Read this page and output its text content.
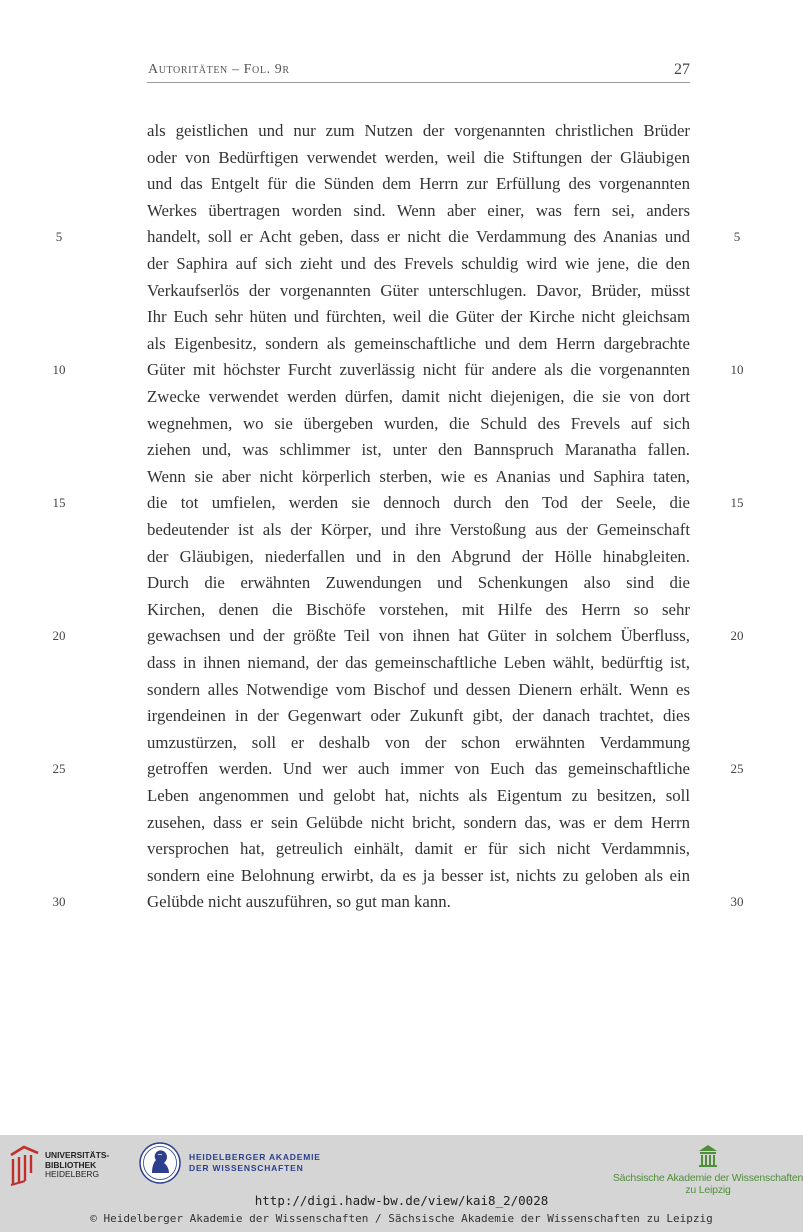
Autoritäten – Fol. 9r	27
als geistlichen und nur zum Nutzen der vorgenannten christlichen Brüder
oder von Bedürftigen verwendet werden, weil die Stiftungen der Gläubigen
und das Entgelt für die Sünden dem Herrn zur Erfüllung des vorgenannten
Werkes übertragen worden sind. Wenn aber einer, was fern sei, anders
handelt, soll er Acht geben, dass er nicht die Verdammung des Ananias und
der Saphira auf sich zieht und des Frevels schuldig wird wie jene, die den
Verkaufserlös der vorgenannten Güter unterschlugen. Davor, Brüder, müsst
Ihr Euch sehr hüten und fürchten, weil die Güter der Kirche nicht gleichsam
als Eigenbesitz, sondern als gemeinschaftliche und dem Herrn dargebrachte
Güter mit höchster Furcht zuverlässig nicht für andere als die vorgenannten
Zwecke verwendet werden dürfen, damit nicht diejenigen, die sie von dort
wegnehmen, wo sie übergeben wurden, die Schuld des Frevels auf sich
ziehen und, was schlimmer ist, unter den Bannspruch Maranatha fallen.
Wenn sie aber nicht körperlich sterben, wie es Ananias und Saphira taten,
die tot umfielen, werden sie dennoch durch den Tod der Seele, die
bedeutender ist als der Körper, und ihre Verstoßung aus der Gemeinschaft
der Gläubigen, niederfallen und in den Abgrund der Hölle hinabgleiten.
Durch die erwähnten Zuwendungen und Schenkungen also sind die
Kirchen, denen die Bischöfe vorstehen, mit Hilfe des Herrn so sehr
gewachsen und der größte Teil von ihnen hat Güter in solchem Überfluss,
dass in ihnen niemand, der das gemeinschaftliche Leben wählt, bedürftig ist,
sondern alles Notwendige vom Bischof und dessen Dienern erhält. Wenn es
irgendeinen in der Gegenwart oder Zukunft gibt, der danach trachtet, dies
umzustürzen, soll er deshalb von der schon erwähnten Verdammung
getroffen werden. Und wer auch immer von Euch das gemeinschaftliche
Leben angenommen und gelobt hat, nichts als Eigentum zu besitzen, soll
zusehen, dass er sein Gelübde nicht bricht, sondern das, was er dem Herrn
versprochen hat, getreulich einhält, damit er für sich nicht Verdammnis,
sondern eine Belohnung erwirbt, da es ja besser ist, nichts zu geloben als ein
Gelübde nicht auszuführen, so gut man kann.
5	5
10	10
15	15
20	20
25	25
30	30
UNIVERSITÄTS-
BIBLIOTHEK
HEIDELBERG
HEIDELBERGER AKADEMIE
DER WISSENSCHAFTEN
Sächsische Akademie der Wissenschaften
zu Leipzig
http://digi.hadw-bw.de/view/kai8_2/0028
© Heidelberger Akademie der Wissenschaften / Sächsische Akademie der Wissenschaften zu Leipzig
